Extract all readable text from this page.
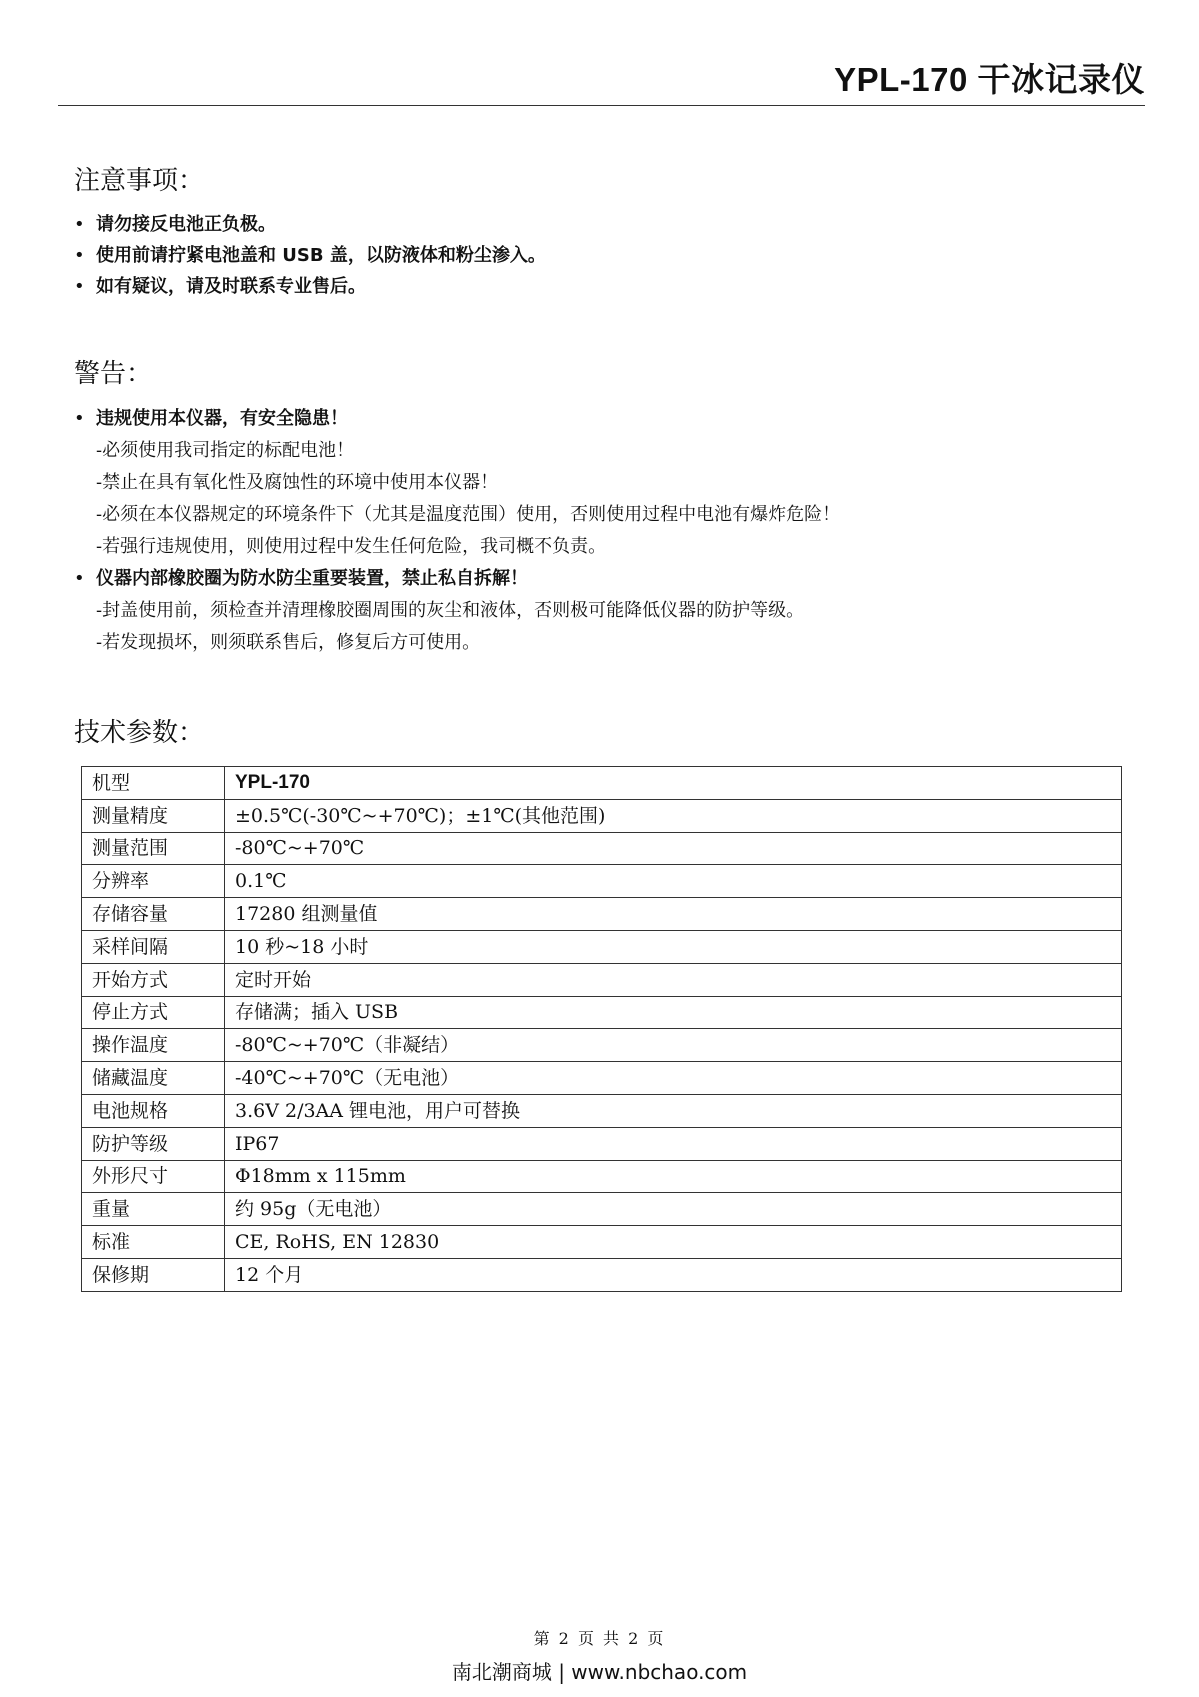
YPL-170 干冰记录仪
注意事项：
• 请勿接反电池正负极。
• 使用前请拧紧电池盖和 USB 盖，以防液体和粉尘渗入。
• 如有疑议，请及时联系专业售后。
警告：
• 违规使用本仪器，有安全隐患！
-必须使用我司指定的标配电池！
-禁止在具有氧化性及腐蚀性的环境中使用本仪器！
-必须在本仪器规定的环境条件下（尤其是温度范围）使用，否则使用过程中电池有爆炸危险！
-若强行违规使用，则使用过程中发生任何危险，我司概不负责。
• 仪器内部橡胶圈为防水防尘重要装置，禁止私自拆解！
-封盖使用前，须检查并清理橡胶圈周围的灰尘和液体，否则极可能降低仪器的防护等级。
-若发现损坏，则须联系售后，修复后方可使用。
技术参数：
机型	YPL-170
测量精度	±0.5℃(-30℃~+70℃)；±1℃(其他范围)
测量范围	-80℃~+70℃
分辨率	0.1℃
存储容量	17280 组测量值
采样间隔	10 秒~18 小时
开始方式	定时开始
停止方式	存储满；插入 USB
操作温度	-80℃~+70℃（非凝结）
储藏温度	-40℃~+70℃（无电池）
电池规格	3.6V 2/3AA 锂电池，用户可替换
防护等级	IP67
外形尺寸	Φ18mm x 115mm
重量	约 95g（无电池）
标准	CE, RoHS, EN 12830
保修期	12 个月
第 2 页 共 2 页
南北潮商城 | www.nbchao.com
